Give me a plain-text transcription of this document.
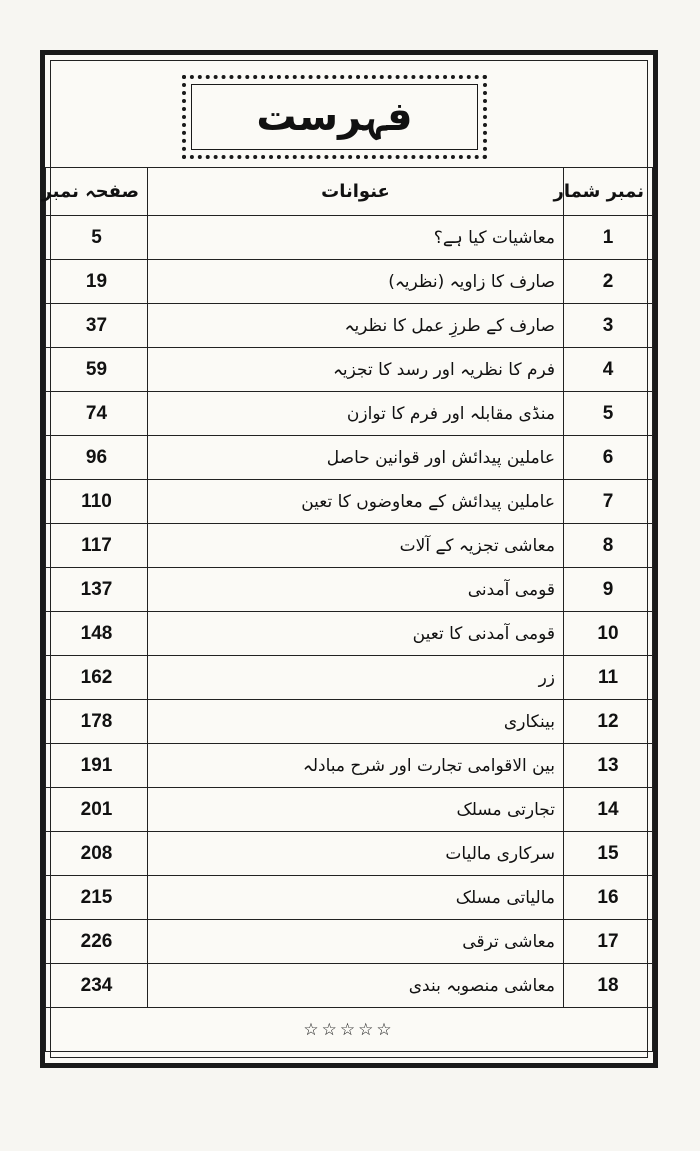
فہرست
صفحہ نمبر	عنوانات	نمبر شمار
5	معاشیات کیا ہے؟	1
19	صارف کا زاویہ (نظریہ)	2
37	صارف کے طرزِ عمل کا نظریہ	3
59	فرم کا نظریہ اور رسد کا تجزیہ	4
74	منڈی مقابلہ اور فرم کا توازن	5
96	عاملین پیدائش اور قوانین حاصل	6
110	عاملین پیدائش کے معاوضوں کا تعین	7
117	معاشی تجزیہ کے آلات	8
137	قومی آمدنی	9
148	قومی آمدنی کا تعین	10
162	زر	11
178	بینکاری	12
191	بین الاقوامی تجارت اور شرح مبادلہ	13
201	تجارتی مسلک	14
208	سرکاری مالیات	15
215	مالیاتی مسلک	16
226	معاشی ترقی	17
234	معاشی منصوبہ بندی	18
☆☆☆☆☆		
